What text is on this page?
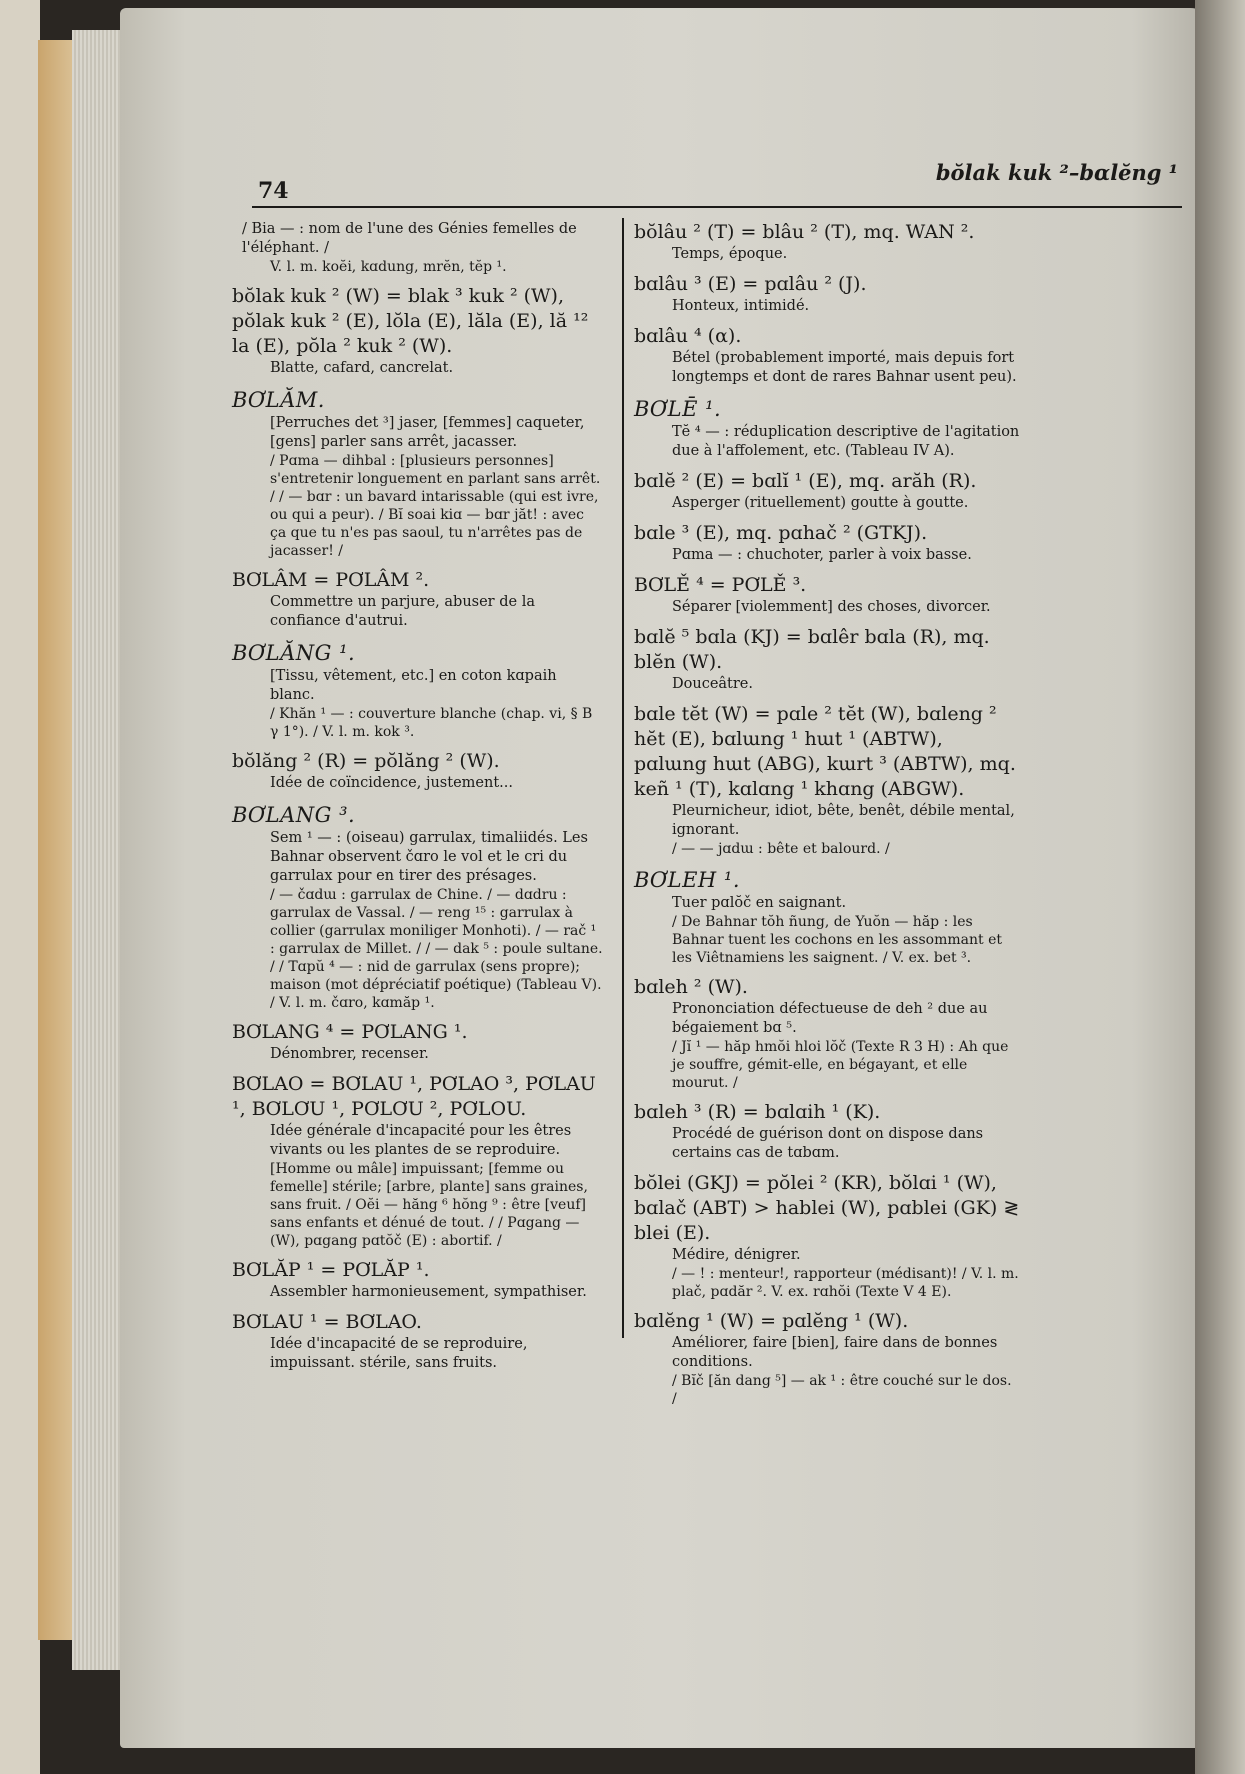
74
bŏlak kuk ²–bɑlĕng ¹
/ Bia — : nom de l'une des Génies femelles de l'éléphant. /
V. l. m. koĕi, kɑdung, mrĕn, tĕp ¹.
bŏlak kuk ² (W) = blak ³ kuk ² (W), pŏlak kuk ² (E), lŏla (E), lăla (E), lă ¹² la (E), pŏla ² kuk ² (W).
Blatte, cafard, cancrelat.
BƠLĂM.
[Perruches det ³] jaser, [femmes] caqueter, [gens] parler sans arrêt, jacasser.
/ Pɑma — dihbal : [plusieurs personnes] s'entretenir longuement en parlant sans arrêt. / / — bɑr : un bavard intarissable (qui est ivre, ou qui a peur). / Bĭ soai kiɑ — bɑr jăt! : avec ça que tu n'es pas saoul, tu n'arrêtes pas de jacasser! /
BƠLÂM = PƠLÂM ².
Commettre un parjure, abuser de la confiance d'autrui.
BƠLĂNG ¹.
[Tissu, vêtement, etc.] en coton kɑpaih blanc.
/ Khăn ¹ — : couverture blanche (chap. vi, § B γ 1°). / V. l. m. kok ³.
bŏlăng ² (R) = pŏlăng ² (W).
Idée de coïncidence, justement...
BƠLANG ³.
Sem ¹ — : (oiseau) garrulax, timaliidés. Les Bahnar observent čɑro le vol et le cri du garrulax pour en tirer des présages.
/ — čɑdɯ : garrulax de Chine. / — dɑdru : garrulax de Vassal. / — reng ¹⁵ : garrulax à collier (garrulax moniliger Monhoti). / — rač ¹ : garrulax de Millet. / / — dak ⁵ : poule sultane. / / Tɑpŭ ⁴ — : nid de garrulax (sens propre); maison (mot dépréciatif poétique) (Tableau V). / V. l. m. čɑro, kɑmăp ¹.
BƠLANG ⁴ = PƠLANG ¹.
Dénombrer, recenser.
BƠLAO = BƠLAU ¹, PƠLAO ³, PƠLAU ¹, BƠLƠU ¹, PƠLƠU ², PƠLOU.
Idée générale d'incapacité pour les êtres vivants ou les plantes de se reproduire.
[Homme ou mâle] impuissant; [femme ou femelle] stérile; [arbre, plante] sans graines, sans fruit. / Oĕi — hăng ⁶ hŏng ⁹ : être [veuf] sans enfants et dénué de tout. / / Pɑgang — (W), pɑgang pɑtŏč (E) : abortif. /
BƠLĂP ¹ = PƠLĂP ¹.
Assembler harmonieusement, sympathiser.
BƠLAU ¹ = BƠLAO.
Idée d'incapacité de se reproduire, impuissant. stérile, sans fruits.
bŏlâu ² (T) = blâu ² (T), mq. WAN ².
Temps, époque.
bɑlâu ³ (E) = pɑlâu ² (J).
Honteux, intimidé.
bɑlâu ⁴ (α).
Bétel (probablement importé, mais depuis fort longtemps et dont de rares Bahnar usent peu).
BƠLĒ ¹.
Tĕ ⁴ — : réduplication descriptive de l'agitation due à l'affolement, etc. (Tableau IV A).
bɑlĕ ² (E) = bɑlĭ ¹ (E), mq. arăh (R).
Asperger (rituellement) goutte à goutte.
bɑle ³ (E), mq. pɑhač ² (GTKJ).
Pɑma — : chuchoter, parler à voix basse.
BƠLĚ ⁴ = PƠLĚ ³.
Séparer [violemment] des choses, divorcer.
bɑlĕ ⁵ bɑla (KJ) = bɑlêr bɑla (R), mq. blĕn (W).
Douceâtre.
bɑle tĕt (W) = pɑle ² tĕt (W), bɑleng ² hĕt (E), bɑlɯng ¹ hɯt ¹ (ABTW), pɑlɯng hɯt (ABG), kɯrt ³ (ABTW), mq. keñ ¹ (T), kɑlɑng ¹ khɑng (ABGW).
Pleurnicheur, idiot, bête, benêt, débile mental, ignorant.
/ — — jɑdɯ : bête et balourd. /
BƠLEH ¹.
Tuer pɑlŏč en saignant.
/ De Bahnar tŏh ñung, de Yuŏn — hăp : les Bahnar tuent les cochons en les assommant et les Viêtnamiens les saignent. / V. ex. bet ³.
bɑleh ² (W).
Prononciation défectueuse de deh ² due au bégaiement bɑ ⁵.
/ Jĭ ¹ — hăp hmŏi hloi lŏč (Texte R 3 H) : Ah que je souffre, gémit-elle, en bégayant, et elle mourut. /
bɑleh ³ (R) = bɑlɑih ¹ (K).
Procédé de guérison dont on dispose dans certains cas de tɑbɑm.
bŏlei (GKJ) = pŏlei ² (KR), bŏlɑi ¹ (W), bɑlač (ABT) > hablei (W), pɑblei (GK) ≷ blei (E).
Médire, dénigrer.
/ — ! : menteur!, rapporteur (médisant)! / V. l. m. plač, pɑdăr ². V. ex. rɑhŏi (Texte V 4 E).
bɑlĕng ¹ (W) = pɑlĕng ¹ (W).
Améliorer, faire [bien], faire dans de bonnes conditions.
/ Bĭč [ăn dang ⁵] — ak ¹ : être couché sur le dos. /
